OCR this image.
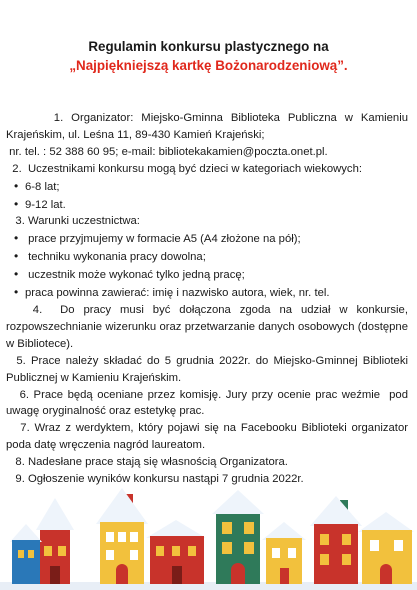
Regulamin konkursu plastycznego na
„Najpiękniejszą kartkę Bożonarodzeniową”.

1. Organizator: Miejsko-Gminna Biblioteka Publiczna w Kamieniu Krajeńskim, ul. Leśna 11, 89-430 Kamień Krajeński;

nr. tel. : 52 388 60 95; e-mail: bibliotekakamien@poczta.onet.pl.

2.  Uczestnikami konkursu mogą być dzieci w kategoriach wiekowych:

• 6-8 lat;

• 9-12 lat.

3. Warunki uczestnictwa:

•  prace przyjmujemy w formacie A5 (A4 złożone na pół);

•  techniku wykonania pracy dowolna;

•  uczestnik może wykonać tylko jedną pracę;

• praca powinna zawierać: imię i nazwisko autora, wiek, nr. tel.

4.  Do pracy musi być dołączona zgoda na udział w konkursie, rozpowszechnianie wizerunku oraz przetwarzanie danych osobowych (dostępne w Bibliotece).

5. Prace należy składać do 5 grudnia 2022r. do Miejsko-Gminnej Biblioteki Publicznej w Kamieniu Krajeńskim.

6. Prace będą oceniane przez komisję. Jury przy ocenie prac weźmie  pod uwagę oryginalność oraz estetykę prac.

7. Wraz z werdyktem, który pojawi się na Facebooku Biblioteki organizator poda datę wręczenia nagród laureatom.

8. Nadesłane prace stają się własnością Organizatora.

9. Ogłoszenie wyników konkursu nastąpi 7 grudnia 2022r.
